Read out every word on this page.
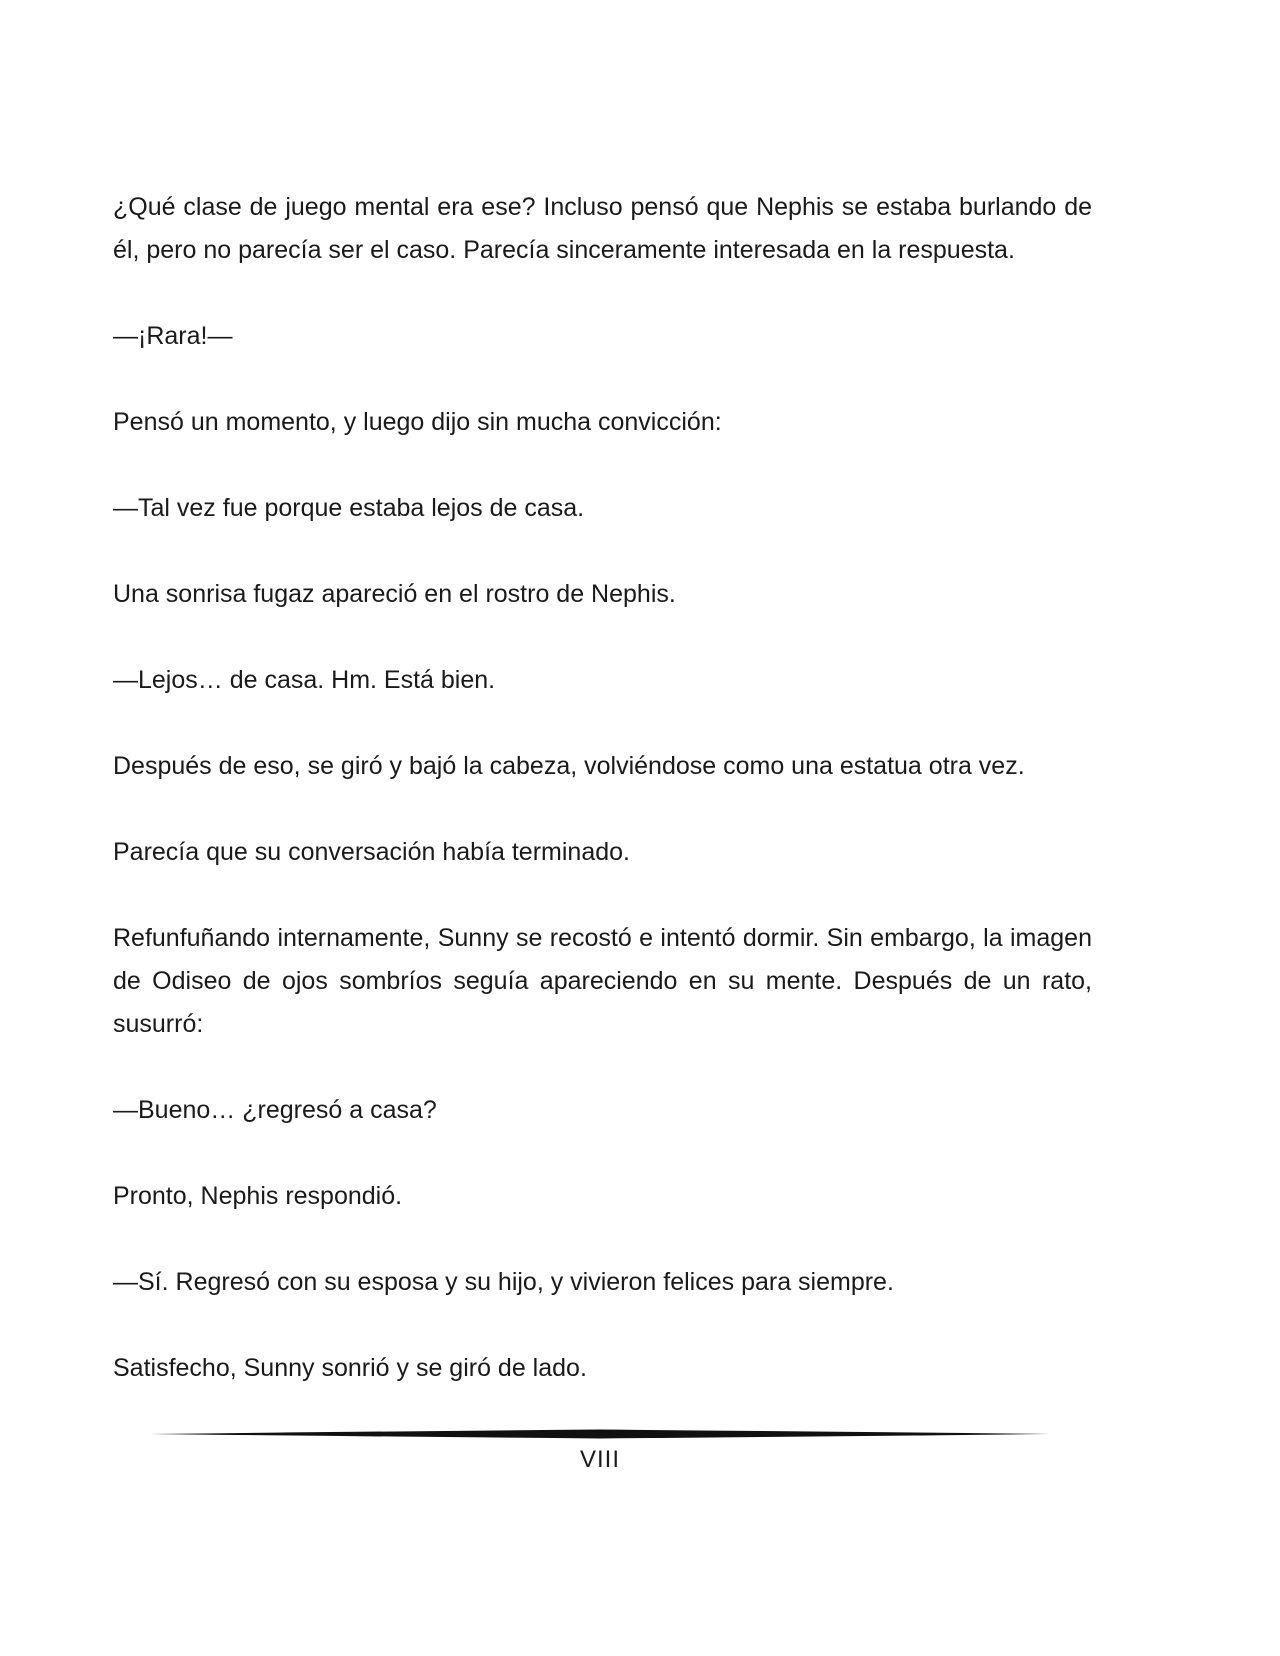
¿Qué clase de juego mental era ese? Incluso pensó que Nephis se estaba burlando de él, pero no parecía ser el caso. Parecía sinceramente interesada en la respuesta.

—¡Rara!—

Pensó un momento, y luego dijo sin mucha convicción:

—Tal vez fue porque estaba lejos de casa.

Una sonrisa fugaz apareció en el rostro de Nephis.

—Lejos… de casa. Hm. Está bien.

Después de eso, se giró y bajó la cabeza, volviéndose como una estatua otra vez.

Parecía que su conversación había terminado.

Refunfuñando internamente, Sunny se recostó e intentó dormir. Sin embargo, la imagen de Odiseo de ojos sombríos seguía apareciendo en su mente. Después de un rato, susurró:

—Bueno… ¿regresó a casa?

Pronto, Nephis respondió.

—Sí. Regresó con su esposa y su hijo, y vivieron felices para siempre.

Satisfecho, Sunny sonrió y se giró de lado.

VIII
